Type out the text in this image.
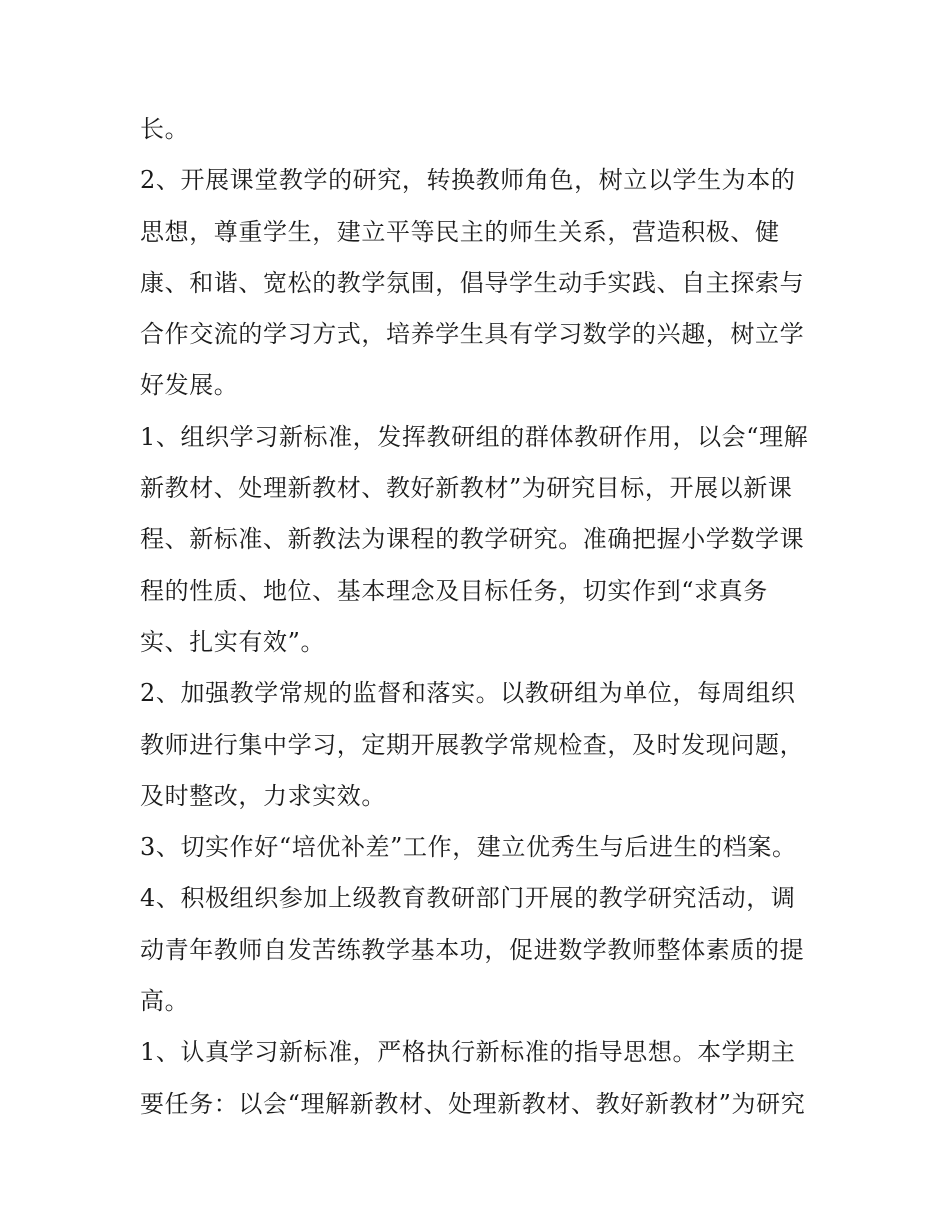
长。
2、开展课堂教学的研究，转换教师角色，树立以学生为本的
思想，尊重学生，建立平等民主的师生关系，营造积极、健
康、和谐、宽松的教学氛围，倡导学生动手实践、自主探索与
合作交流的学习方式，培养学生具有学习数学的兴趣，树立学
好发展。
1、组织学习新标准，发挥教研组的群体教研作用，以会“理解
新教材、处理新教材、教好新教材”为研究目标，开展以新课
程、新标准、新教法为课程的教学研究。准确把握小学数学课
程的性质、地位、基本理念及目标任务，切实作到“求真务
实、扎实有效”。
2、加强教学常规的监督和落实。以教研组为单位，每周组织
教师进行集中学习，定期开展教学常规检查，及时发现问题，
及时整改，力求实效。
3、切实作好“培优补差”工作，建立优秀生与后进生的档案。
4、积极组织参加上级教育教研部门开展的教学研究活动，调
动青年教师自发苦练教学基本功，促进数学教师整体素质的提
高。
1、认真学习新标准，严格执行新标准的指导思想。本学期主
要任务：以会“理解新教材、处理新教材、教好新教材”为研究
